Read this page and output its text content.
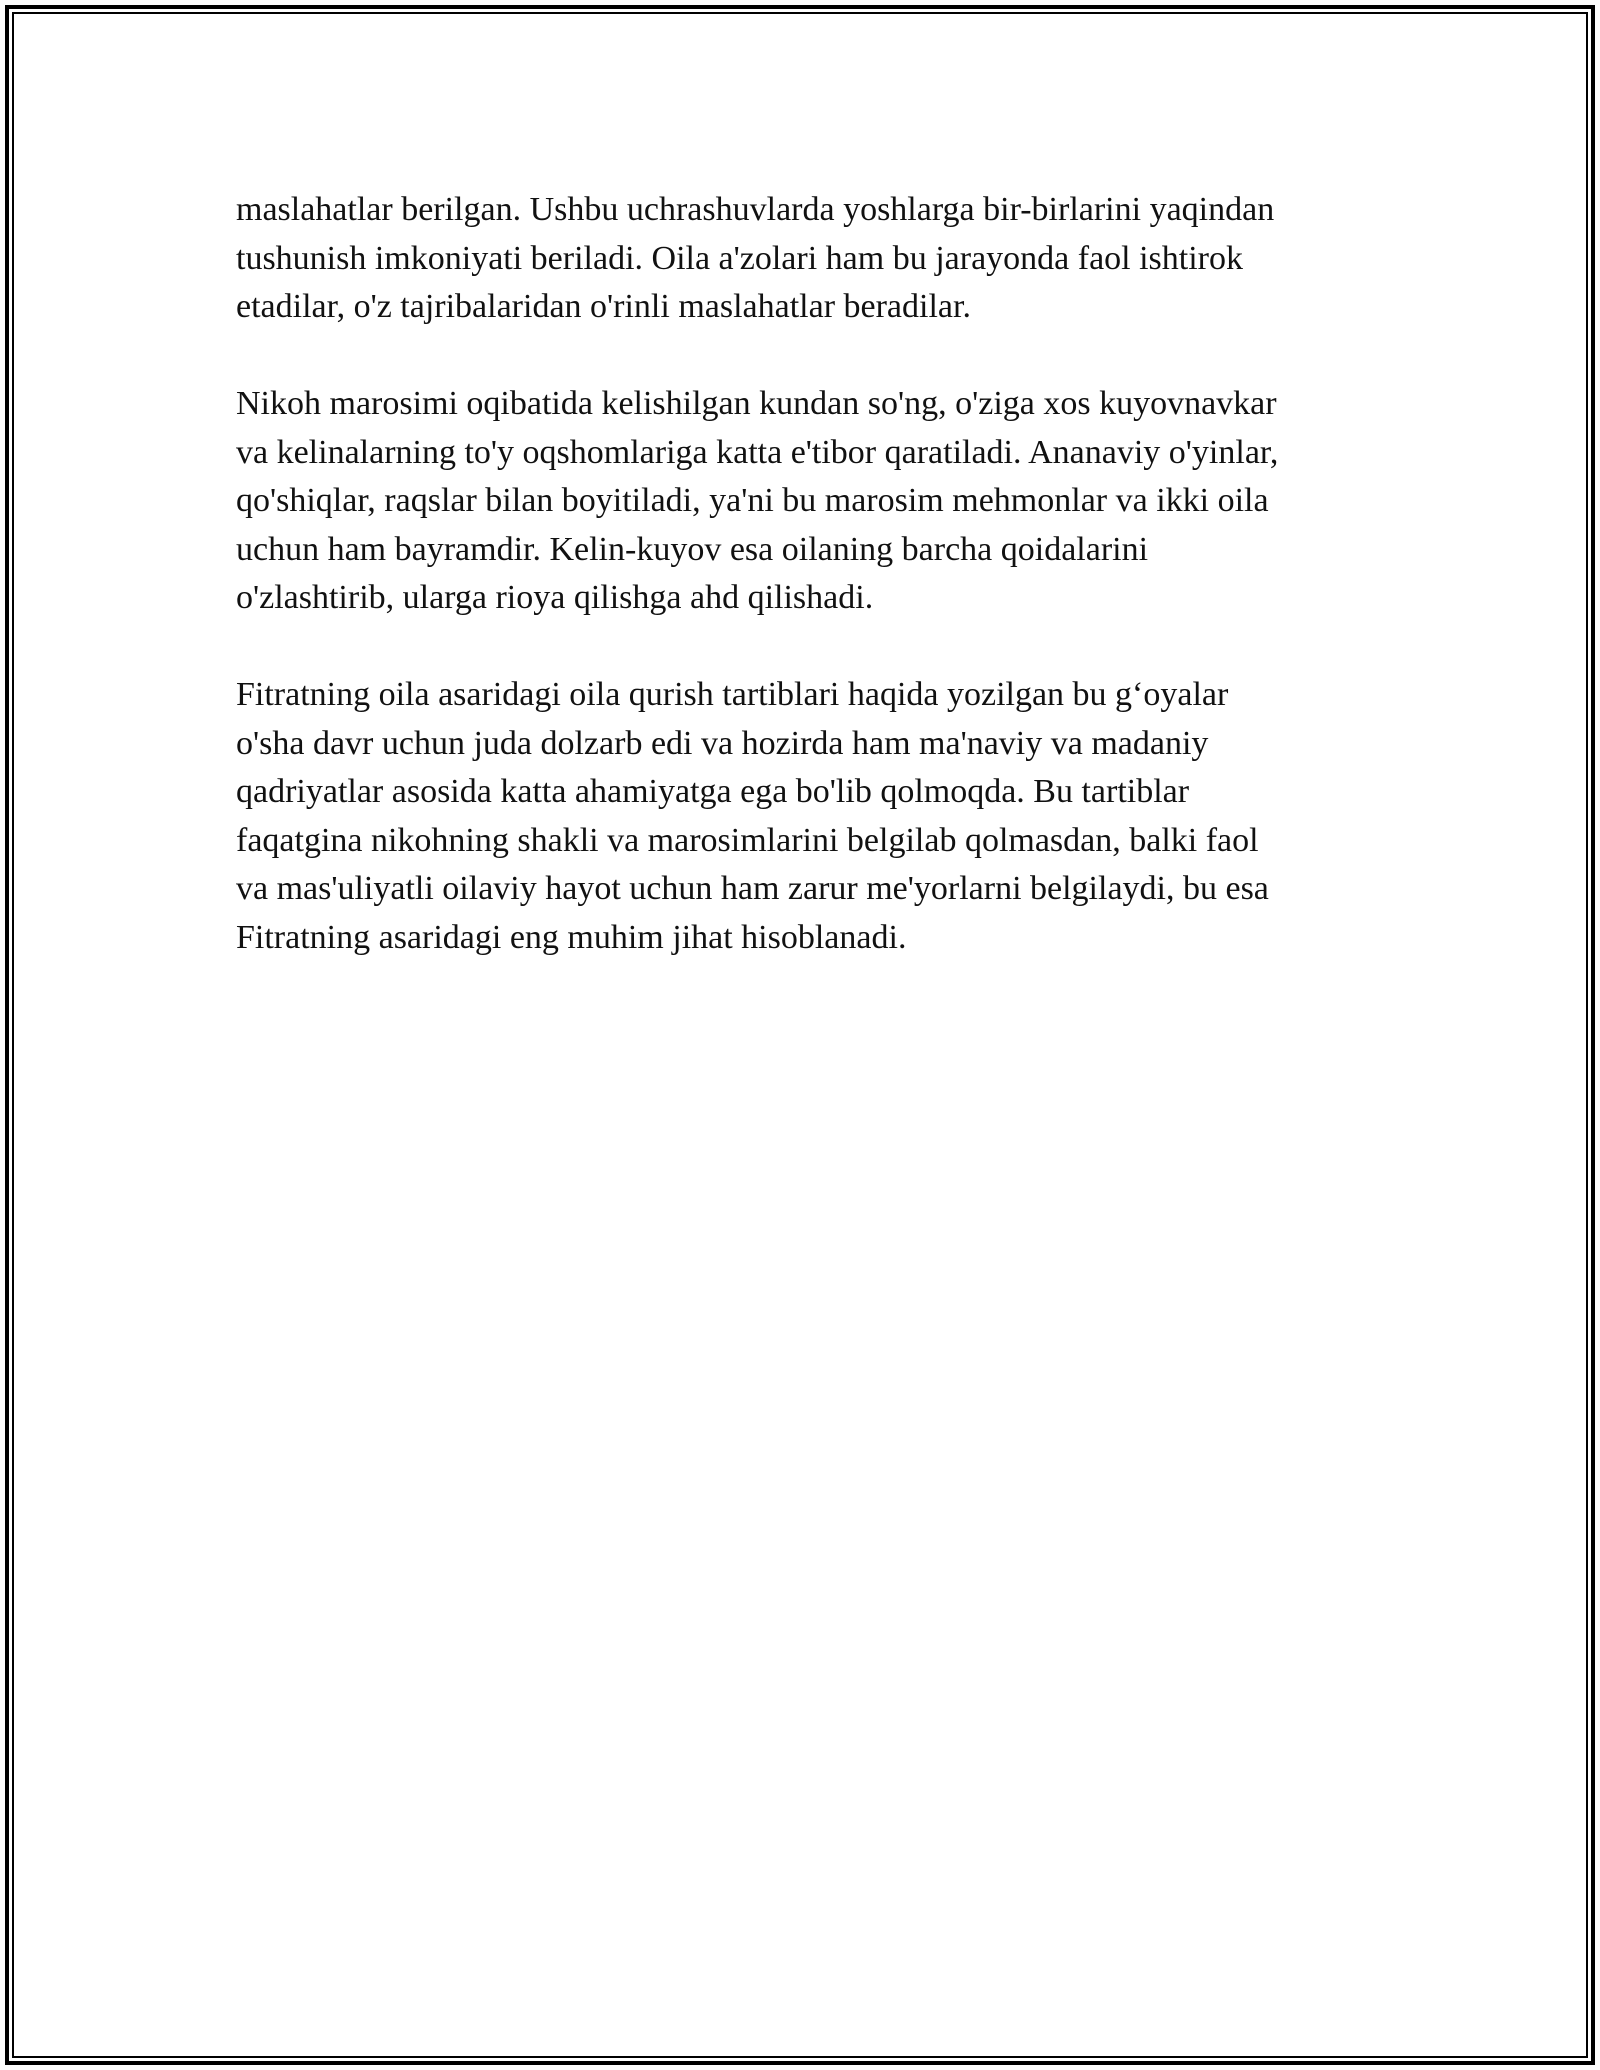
maslahatlar berilgan. Ushbu uchrashuvlarda yoshlarga bir-birlarini yaqindan
tushunish imkoniyati beriladi. Oila a'zolari ham bu jarayonda faol ishtirok
etadilar, o'z tajribalaridan o'rinli maslahatlar beradilar.

Nikoh marosimi oqibatida kelishilgan kundan so'ng, o'ziga xos kuyovnavkar
va kelinalarning to'y oqshomlariga katta e'tibor qaratiladi. Ananaviy o'yinlar,
qo'shiqlar, raqslar bilan boyitiladi, ya'ni bu marosim mehmonlar va ikki oila
uchun ham bayramdir. Kelin-kuyov esa oilaning barcha qoidalarini
o'zlashtirib, ularga rioya qilishga ahd qilishadi.

Fitratning oila asaridagi oila qurish tartiblari haqida yozilgan bu g‘oyalar
o'sha davr uchun juda dolzarb edi va hozirda ham ma'naviy va madaniy
qadriyatlar asosida katta ahamiyatga ega bo'lib qolmoqda. Bu tartiblar
faqatgina nikohning shakli va marosimlarini belgilab qolmasdan, balki faol
va mas'uliyatli oilaviy hayot uchun ham zarur me'yorlarni belgilaydi, bu esa
Fitratning asaridagi eng muhim jihat hisoblanadi.
